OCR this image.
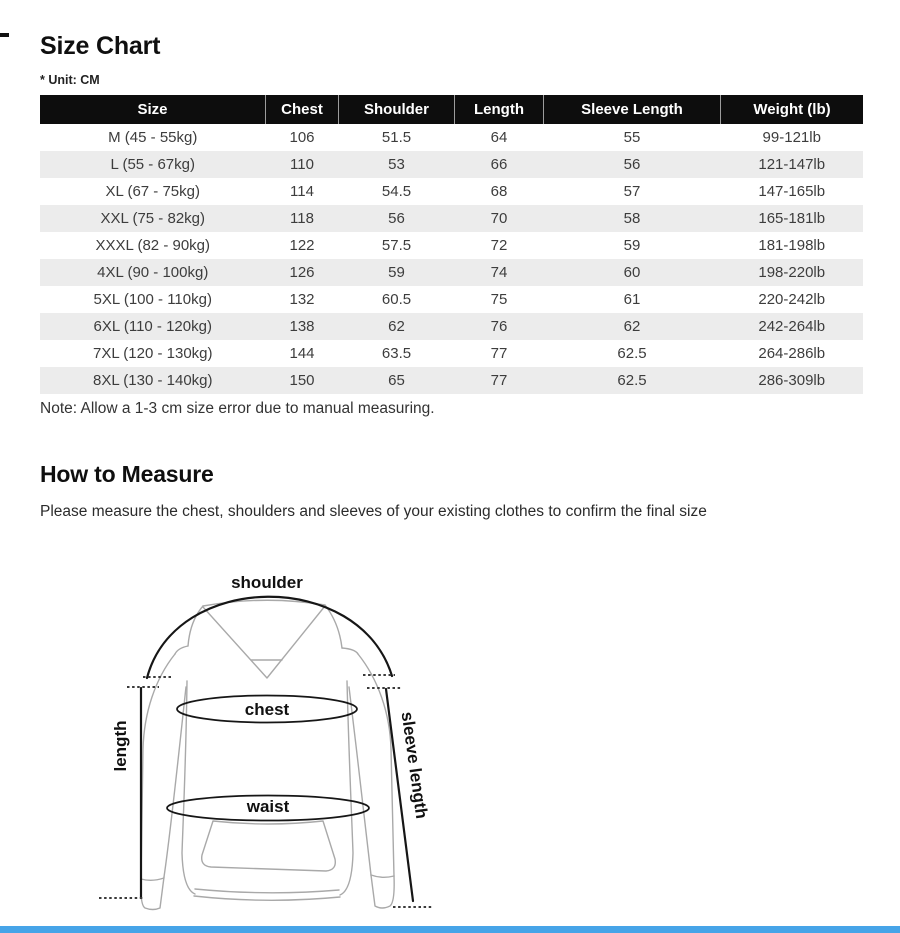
Size Chart
* Unit: CM
Size	Chest	Shoulder	Length	Sleeve Length	Weight (lb)
M (45 - 55kg)	106	51.5	64	55	99-121lb
L (55 - 67kg)	110	53	66	56	121-147lb
XL (67 - 75kg)	114	54.5	68	57	147-165lb
XXL (75 - 82kg)	118	56	70	58	165-181lb
XXXL (82 - 90kg)	122	57.5	72	59	181-198lb
4XL (90 - 100kg)	126	59	74	60	198-220lb
5XL (100 - 110kg)	132	60.5	75	61	220-242lb
6XL (110 - 120kg)	138	62	76	62	242-264lb
7XL (120 - 130kg)	144	63.5	77	62.5	264-286lb
8XL (130 - 140kg)	150	65	77	62.5	286-309lb
Note: Allow a 1-3 cm size error due to manual measuring.
How to Measure
Please measure the chest, shoulders and sleeves of your existing clothes to confirm the final size
shoulder
chest
waist
length	sleeve length
